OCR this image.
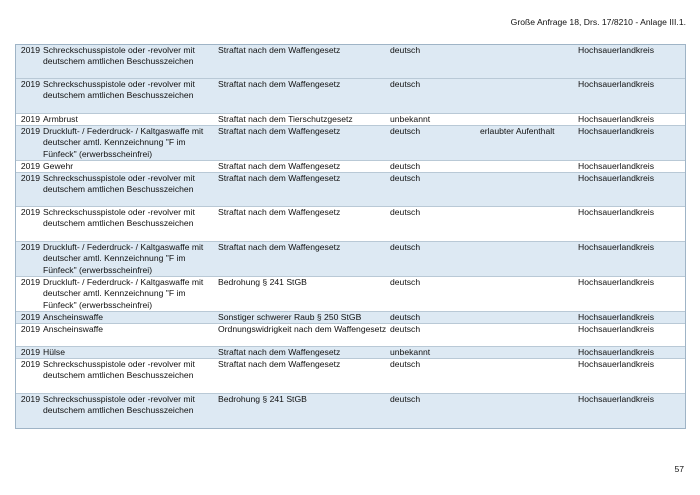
Große Anfrage 18, Drs. 17/8210 - Anlage III.1.
2019 Schreckschusspistole oder -revolver mit deutschem amtlichen Beschusszeichen
Straftat nach dem Waffengesetz	deutsch	Hochsauerlandkreis
2019 Schreckschusspistole oder -revolver mit deutschem amtlichen Beschusszeichen
Straftat nach dem Waffengesetz	deutsch	Hochsauerlandkreis
2019 Armbrust	Straftat nach dem Tierschutzgesetz	unbekannt	Hochsauerlandkreis
2019 Druckluft- / Federdruck- / Kaltgaswaffe mit deutscher amtl. Kennzeichnung "F im Fünfeck" (erwerbsscheinfrei)
Straftat nach dem Waffengesetz	deutsch	erlaubter Aufenthalt	Hochsauerlandkreis
2019 Gewehr	Straftat nach dem Waffengesetz	deutsch	Hochsauerlandkreis
2019 Schreckschusspistole oder -revolver mit deutschem amtlichen Beschusszeichen
Straftat nach dem Waffengesetz	deutsch	Hochsauerlandkreis
2019 Schreckschusspistole oder -revolver mit deutschem amtlichen Beschusszeichen
Straftat nach dem Waffengesetz	deutsch	Hochsauerlandkreis
2019 Druckluft- / Federdruck- / Kaltgaswaffe mit deutscher amtl. Kennzeichnung "F im Fünfeck" (erwerbsscheinfrei)
Straftat nach dem Waffengesetz	deutsch	Hochsauerlandkreis
2019 Druckluft- / Federdruck- / Kaltgaswaffe mit deutscher amtl. Kennzeichnung "F im Fünfeck" (erwerbsscheinfrei)
Bedrohung § 241 StGB	deutsch	Hochsauerlandkreis
2019 Anscheinswaffe	Sonstiger schwerer Raub § 250 StGB	deutsch	Hochsauerlandkreis
2019 Anscheinswaffe	Ordnungswidrigkeit nach dem Waffengesetz deutsch	Hochsauerlandkreis
2019 Hülse	Straftat nach dem Waffengesetz	unbekannt	Hochsauerlandkreis
2019 Schreckschusspistole oder -revolver mit deutschem amtlichen Beschusszeichen
Straftat nach dem Waffengesetz	deutsch	Hochsauerlandkreis
2019 Schreckschusspistole oder -revolver mit deutschem amtlichen Beschusszeichen
Bedrohung § 241 StGB	deutsch	Hochsauerlandkreis
57
